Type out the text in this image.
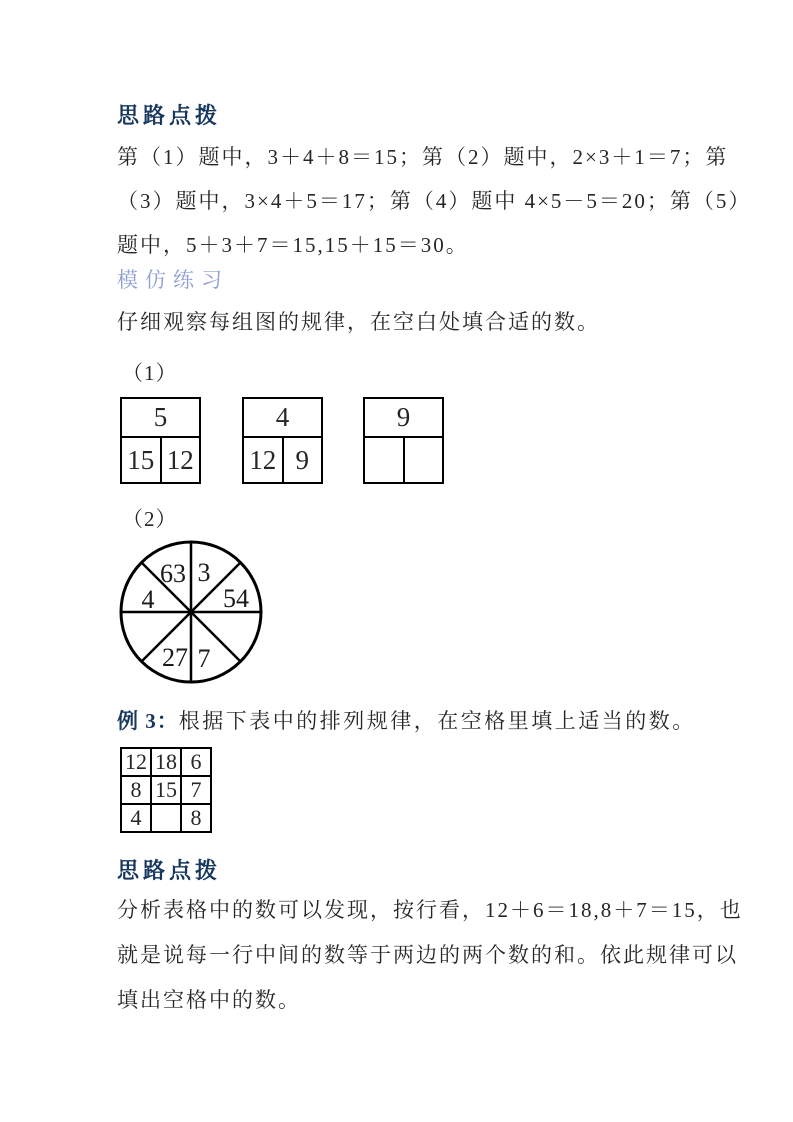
思路点拨
第（1）题中，3＋4＋8＝15；第（2）题中，2×3＋1＝7；第
（3）题中，3×4＋5＝17；第（4）题中 4×5－5＝20；第（5）
题中，5＋3＋7＝15,15＋15＝30。
模仿练习
仔细观察每组图的规律，在空白处填合适的数。
（1）
5
15 12
4
12 9
9
（2）
63 3
4	54
27 7
例 3：根据下表中的排列规律，在空格里填上适当的数。
12	18	6
8	15	7
4		8
思路点拨
分析表格中的数可以发现，按行看，12＋6＝18,8＋7＝15，也
就是说每一行中间的数等于两边的两个数的和。依此规律可以
填出空格中的数。
